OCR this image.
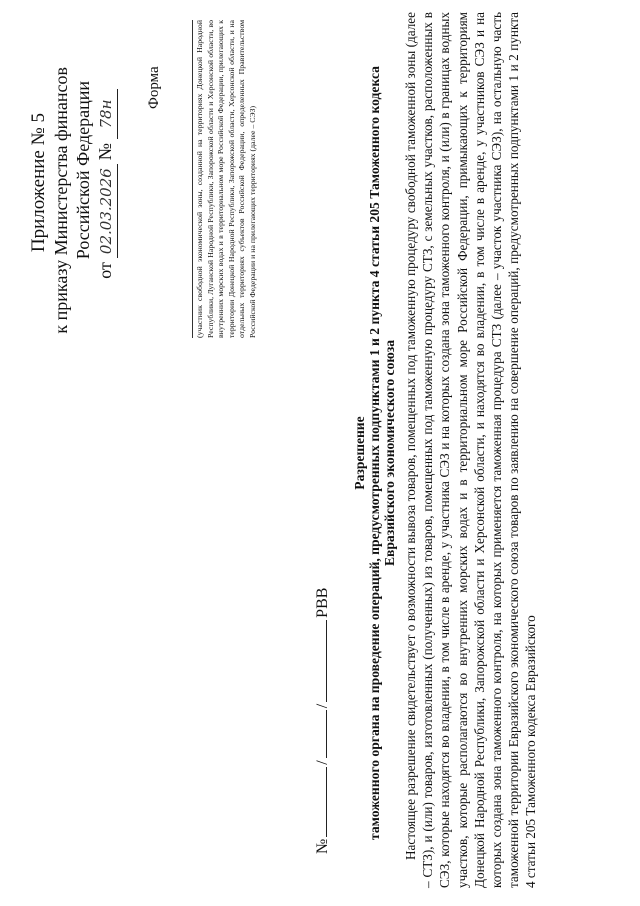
Приложение № 5 к приказу Министерства финансов Российской Федерации
от
02.03.2026
№
78н
Форма	(участник свободной экономической зоны, созданной на территориях Донецкой Народной Республики, Луганской Народной Республики, Запорожской области и Херсонской области, во внутренних морских водах и в территориальном море Российской Федерации, прилегающих к территории Донецкой Народной Республики, Запорожской области, Херсонской области, и на отдельных территориях субъектов Российской Федерации, определенных Правительством Российской Федерации и на прилегающих территориях (далее – СЭЗ)
№
/
/
PBB
Разрешение таможенного органа на проведение операций, предусмотренных подпунктами 1 и 2 пункта 4 статьи 205 Таможенного кодекса Евразийского экономического союза Настоящее разрешение свидетельствует о возможности вывоза товаров, помещенных под таможенную процедуру свободной таможенной зоны (далее – СТЗ), и (или) товаров, изготовленных (полученных) из товаров, помещенных под таможенную процедуру СТЗ, с земельных участков, расположенных в СЭЗ, которые находятся во владении, в том числе в аренде, у участника СЭЗ и на которых создана зона таможенного контроля, и (или) в границах водных участков, которые располагаются во внутренних морских водах и в территориальном море Российской Федерации, примыкающих к территориям Донецкой Народной Республики, Запорожской области и Херсонской области, и находятся во владении, в том числе в аренде, у участников СЭЗ и на которых создана зона таможенного контроля, на которых применяется таможенная процедура СТЗ (далее – участок участника СЭЗ), на остальную часть таможенной территории Евразийского экономического союза товаров по заявлению на совершение операций, предусмотренных подпунктами 1 и 2 пункта 4 статьи 205 Таможенного кодекса Евразийского
